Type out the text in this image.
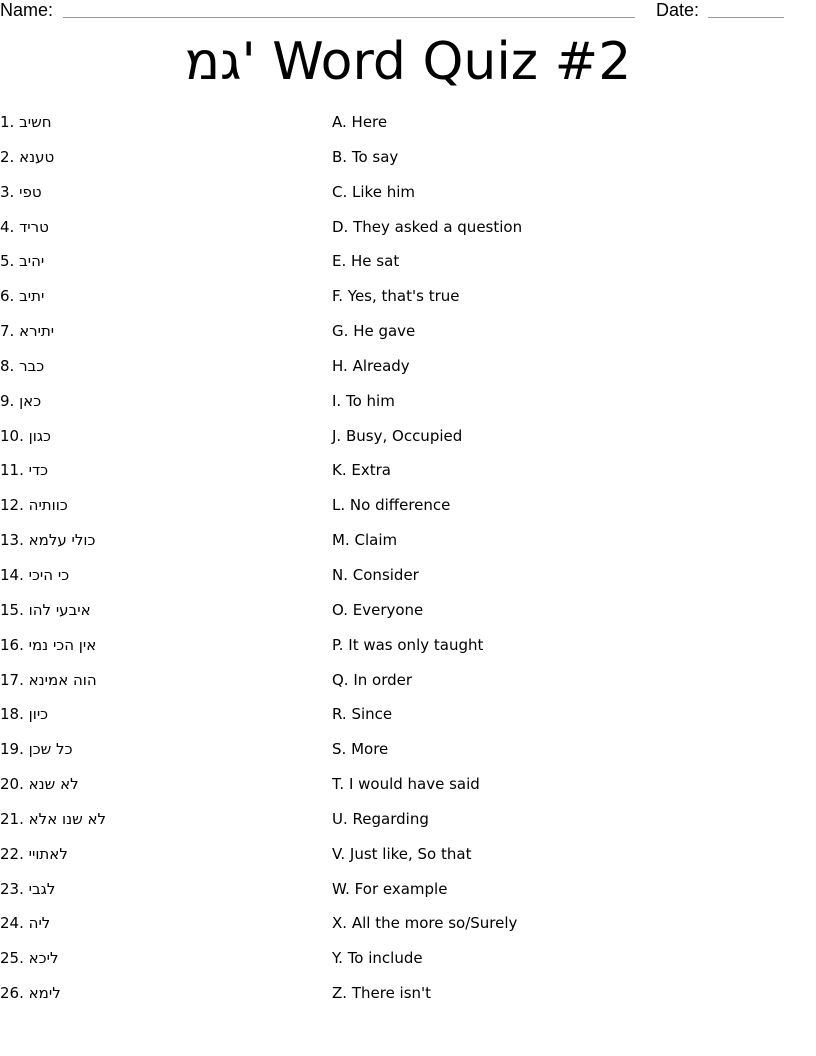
Name:	Date:
גמ' Word Quiz #2
1. חשיב
2. טענא
3. טפי
4. טריד
5. יהיב
6. יתיב
7. יתירא
8. כבר
9. כאן
10. כגון
11. כדי
12. כוותיה
13. כולי עלמא
14. כי היכי
15. איבעי להו
16. אין הכי נמי
17. הוה אמינא
18. כיון
19. כל שכן
20. לא שנא
21. לא שנו אלא
22. לאתויי
23. לגבי
24. ליה
25. ליכא
26. לימא
A. Here
B. To say
C. Like him
D. They asked a question
E. He sat
F. Yes, that's true
G. He gave
H. Already
I. To him
J. Busy, Occupied
K. Extra
L. No difference
M. Claim
N. Consider
O. Everyone
P. It was only taught
Q. In order
R. Since
S. More
T. I would have said
U. Regarding
V. Just like, So that
W. For example
X. All the more so/Surely
Y. To include
Z. There isn't
